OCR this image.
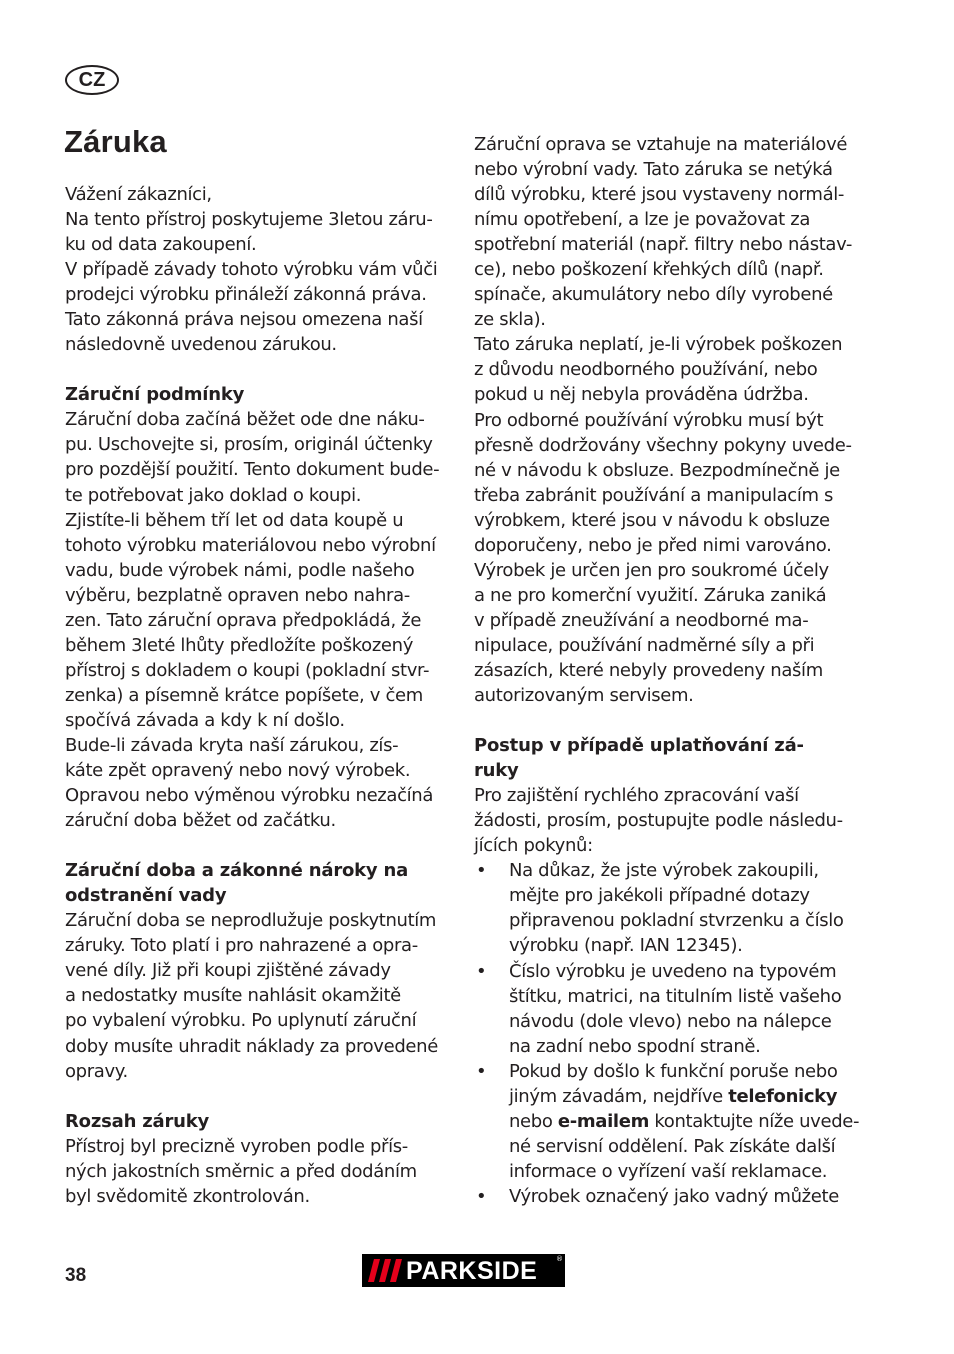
CZ
Záruka

Vážení zákazníci,

Na tento přístroj poskytujeme 3letou záru-

ku od data zakoupení.

V případě závady tohoto výrobku vám vůči

prodejci výrobku přináleží zákonná práva.

Tato zákonná práva nejsou omezena naší

následovně uvedenou zárukou.

Záruční podmínky

Záruční doba začíná běžet ode dne náku-

pu. Uschovejte si, prosím, originál účtenky

pro pozdější použití. Tento dokument bude-

te potřebovat jako doklad o koupi.

Zjistíte-li během tří let od data koupě u

tohoto výrobku materiálovou nebo výrobní

vadu, bude výrobek námi, podle našeho

výběru, bezplatně opraven nebo nahra-

zen. Tato záruční oprava předpokládá, že

během 3leté lhůty předložíte poškozený

přístroj s dokladem o koupi (pokladní stvr-

zenka) a písemně krátce popíšete, v čem

spočívá závada a kdy k ní došlo.

Bude-li závada kryta naší zárukou, zís-

káte zpět opravený nebo nový výrobek.

Opravou nebo výměnou výrobku nezačíná

záruční doba běžet od začátku.

Záruční doba a zákonné nároky na
odstranění vady

Záruční doba se neprodlužuje poskytnutím

záruky. Toto platí i pro nahrazené a opra-

vené díly. Již při koupi zjištěné závady

a nedostatky musíte nahlásit okamžitě

po vybalení výrobku. Po uplynutí záruční

doby musíte uhradit náklady za provedené

opravy.

Rozsah záruky

Přístroj byl precizně vyroben podle přís-

ných jakostních směrnic a před dodáním

byl svědomitě zkontrolován.

Záruční oprava se vztahuje na materiálové

nebo výrobní vady. Tato záruka se netýká

dílů výrobku, které jsou vystaveny normál-

nímu opotřebení, a lze je považovat za

spotřební materiál (např. filtry nebo nástav-

ce), nebo poškození křehkých dílů (např.

spínače, akumulátory nebo díly vyrobené

ze skla).

Tato záruka neplatí, je-li výrobek poškozen

z důvodu neodborného používání, nebo

pokud u něj nebyla prováděna údržba.

Pro odborné používání výrobku musí být

přesně dodržovány všechny pokyny uvede-

né v návodu k obsluze. Bezpodmínečně je

třeba zabránit používání a manipulacím s

výrobkem, které jsou v návodu k obsluze

doporučeny, nebo je před nimi varováno.

Výrobek je určen jen pro soukromé účely

a ne pro komerční využití. Záruka zaniká

v případě zneužívání a neodborné ma-

nipulace, používání nadměrné síly a při

zásazích, které nebyly provedeny naším

autorizovaným servisem.

Postup v případě uplatňování zá-
ruky

Pro zajištění rychlého zpracování vaší

žádosti, prosím, postupujte podle následu-

jících pokynů:

• Na důkaz, že jste výrobek zakoupili,

mějte pro jakékoli případné dotazy

připravenou pokladní stvrzenku a číslo

výrobku (např. IAN 12345).

• Číslo výrobku je uvedeno na typovém

štítku, matrici, na titulním listě vašeho

návodu (dole vlevo) nebo na nálepce

na zadní nebo spodní straně.

• Pokud by došlo k funkční poruše nebo

jiným závadám, nejdříve telefonicky

nebo e-mailem kontaktujte níže uvede-

né servisní oddělení. Pak získáte další

informace o vyřízení vaší reklamace.

• Výrobek označený jako vadný můžete

38	PARKSIDE	®
